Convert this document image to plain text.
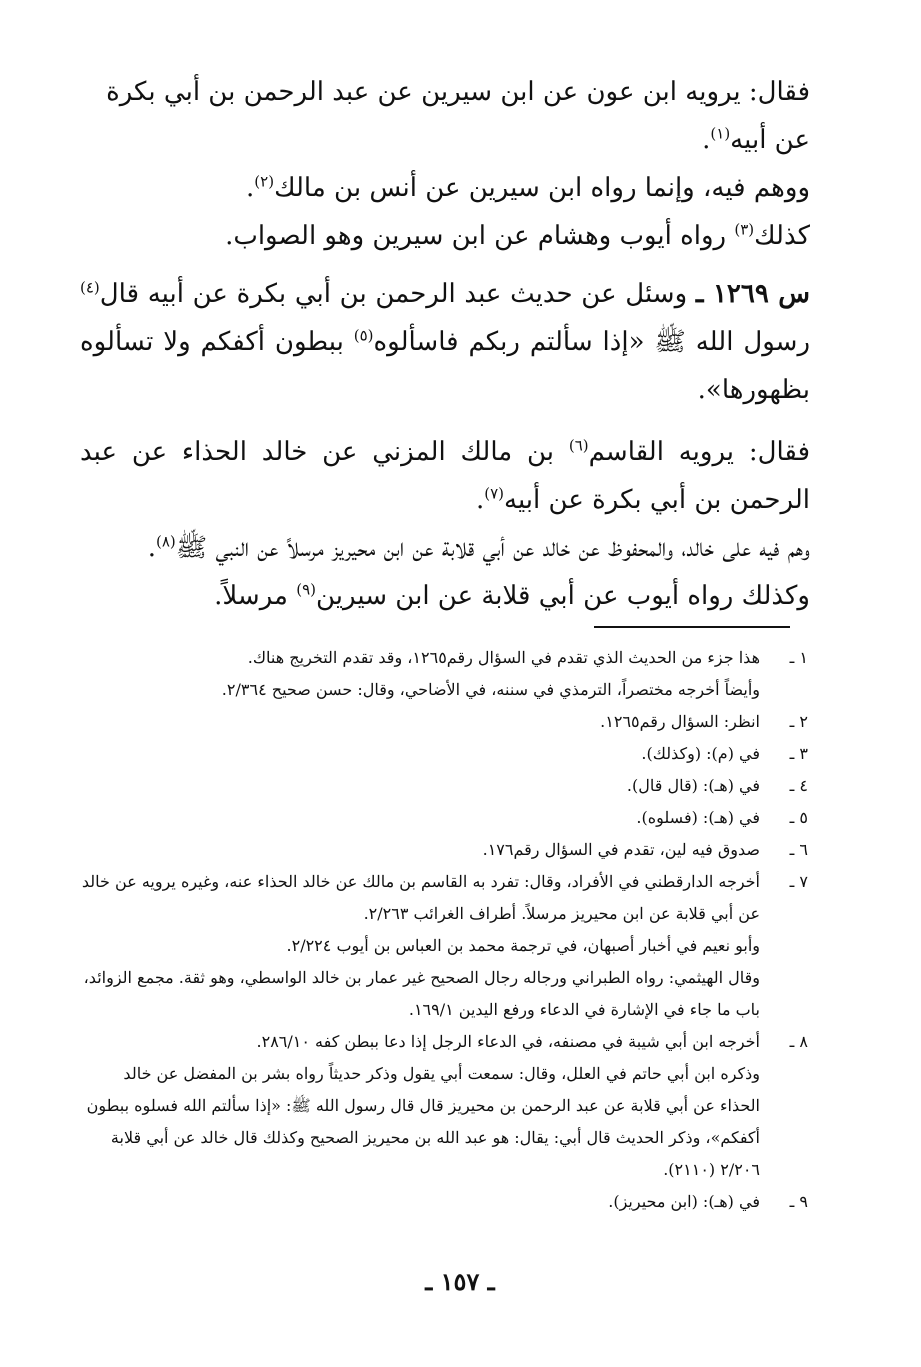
فقال: يرويه ابن عون عن ابن سيرين عن عبد الرحمن بن أبي بكرة عن أبيه$^{(١)}$.

ووهم فيه، وإنما رواه ابن سيرين عن أنس بن مالك$^{(٢)}$.

كذلك$^{(٣)}$ رواه أيوب وهشام عن ابن سيرين وهو الصواب.

س ١٢٦٩ ـ وسئل عن حديث عبد الرحمن بن أبي بكرة عن أبيه قال$^{(٤)}$ رسول الله ﷺ «إذا سألتم ربكم فاسألوه$^{(٥)}$ ببطون أكفكم ولا تسألوه بظهورها».

فقال: يرويه القاسم$^{(٦)}$ بن مالك المزني عن خالد الحذاء عن عبد الرحمن بن أبي بكرة عن أبيه$^{(٧)}$.

وهم فيه على خالد، والمحفوظ عن خالد عن أبي قلابة عن ابن محيريز مرسلاً عن النبي ﷺ$^{(٨)}$.

وكذلك رواه أيوب عن أبي قلابة عن ابن سيرين$^{(٩)}$ مرسلاً.

١ ـ
هذا جزء من الحديث الذي تقدم في السؤال رقم١٢٦٥، وقد تقدم التخريج هناك.
وأيضاً أخرجه مختصراً، الترمذي في سننه، في الأضاحي، وقال: حسن صحيح ٢/٣٦٤.
٢ ـ
انظر: السؤال رقم١٢٦٥.
٣ ـ
في (م): (وكذلك).
٤ ـ
في (هـ): (قال قال).
٥ ـ
في (هـ): (فسلوه).
٦ ـ
صدوق فيه لين، تقدم في السؤال رقم١٧٦.
٧ ـ
أخرجه الدارقطني في الأفراد، وقال: تفرد به القاسم بن مالك عن خالد الحذاء عنه، وغيره يرويه عن خالد عن أبي قلابة عن ابن محيريز مرسلاً. أطراف الغرائب ٢/٢٦٣.
وأبو نعيم في أخبار أصبهان، في ترجمة محمد بن العباس بن أيوب ٢/٢٢٤.
وقال الهيثمي: رواه الطبراني ورجاله رجال الصحيح غير عمار بن خالد الواسطي، وهو ثقة. مجمع الزوائد، باب ما جاء في الإشارة في الدعاء ورفع اليدين ١٦٩/١.
٨ ـ
أخرجه ابن أبي شيبة في مصنفه، في الدعاء الرجل إذا دعا ببطن كفه ٢٨٦/١٠.
وذكره ابن أبي حاتم في العلل، وقال: سمعت أبي يقول وذكر حديثاً رواه بشر بن المفضل عن خالد الحذاء عن أبي قلابة عن عبد الرحمن بن محيريز قال قال رسول الله ﷺ: «إذا سألتم الله فسلوه ببطون أكفكم»، وذكر الحديث قال أبي: يقال: هو عبد الله بن محيريز الصحيح وكذلك قال خالد عن أبي قلابة ٢/٢٠٦ (٢١١٠).
٩ ـ
في (هـ): (ابن محيريز).
ـ ١٥٧ ـ
